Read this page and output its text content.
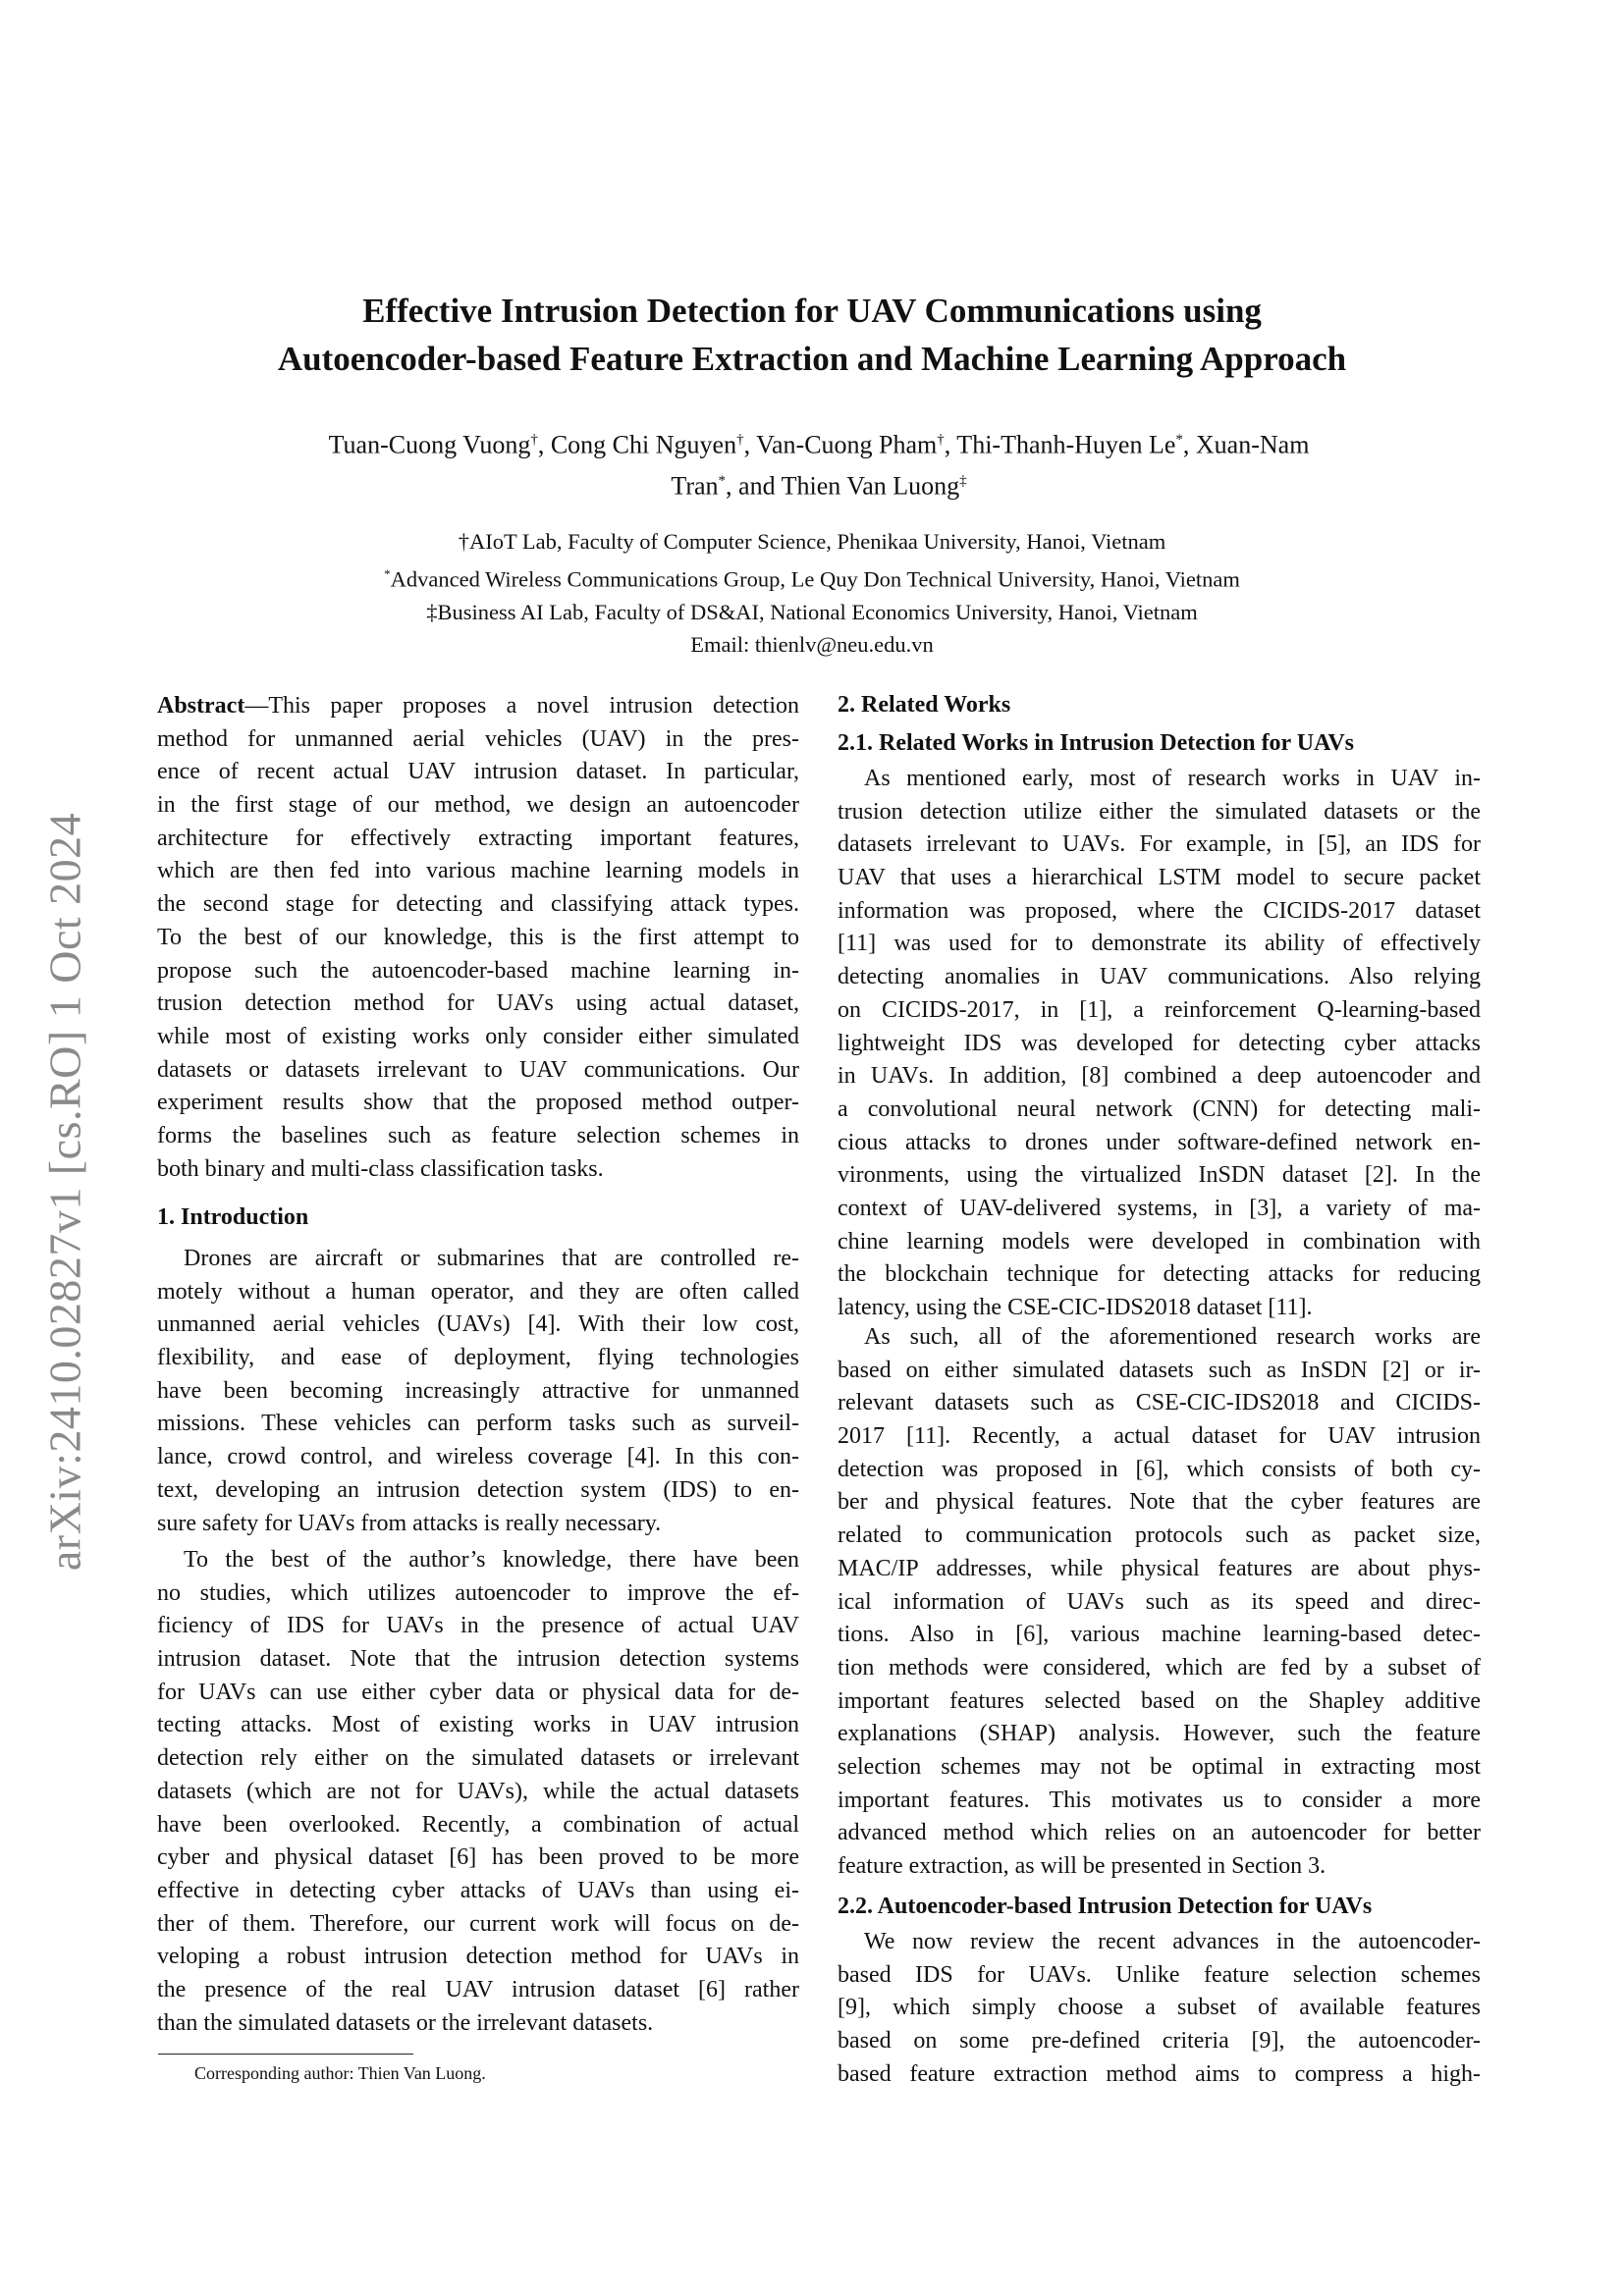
arXiv:2410.02827v1 [cs.RO] 1 Oct 2024
Effective Intrusion Detection for UAV Communications using
Autoencoder-based Feature Extraction and Machine Learning Approach
Tuan-Cuong Vuong†, Cong Chi Nguyen†, Van-Cuong Pham†, Thi-Thanh-Huyen Le*, Xuan-Nam
Tran*, and Thien Van Luong‡
†AIoT Lab, Faculty of Computer Science, Phenikaa University, Hanoi, Vietnam
*Advanced Wireless Communications Group, Le Quy Don Technical University, Hanoi, Vietnam
‡Business AI Lab, Faculty of DS&AI, National Economics University, Hanoi, Vietnam
Email: thienlv@neu.edu.vn
Abstract—This paper proposes a novel intrusion detection
method for unmanned aerial vehicles (UAV) in the pres-
ence of recent actual UAV intrusion dataset. In particular,
in the first stage of our method, we design an autoencoder
architecture for effectively extracting important features,
which are then fed into various machine learning models in
the second stage for detecting and classifying attack types.
To the best of our knowledge, this is the first attempt to
propose such the autoencoder-based machine learning in-
trusion detection method for UAVs using actual dataset,
while most of existing works only consider either simulated
datasets or datasets irrelevant to UAV communications. Our
experiment results show that the proposed method outper-
forms the baselines such as feature selection schemes in
both binary and multi-class classification tasks.
1. Introduction
Drones are aircraft or submarines that are controlled re-
motely without a human operator, and they are often called
unmanned aerial vehicles (UAVs) [4]. With their low cost,
flexibility, and ease of deployment, flying technologies
have been becoming increasingly attractive for unmanned
missions. These vehicles can perform tasks such as surveil-
lance, crowd control, and wireless coverage [4]. In this con-
text, developing an intrusion detection system (IDS) to en-
sure safety for UAVs from attacks is really necessary.
To the best of the author’s knowledge, there have been
no studies, which utilizes autoencoder to improve the ef-
ficiency of IDS for UAVs in the presence of actual UAV
intrusion dataset. Note that the intrusion detection systems
for UAVs can use either cyber data or physical data for de-
tecting attacks. Most of existing works in UAV intrusion
detection rely either on the simulated datasets or irrelevant
datasets (which are not for UAVs), while the actual datasets
have been overlooked. Recently, a combination of actual
cyber and physical dataset [6] has been proved to be more
effective in detecting cyber attacks of UAVs than using ei-
ther of them. Therefore, our current work will focus on de-
veloping a robust intrusion detection method for UAVs in
the presence of the real UAV intrusion dataset [6] rather
than the simulated datasets or the irrelevant datasets.
Corresponding author: Thien Van Luong.
2. Related Works
2.1. Related Works in Intrusion Detection for UAVs
As mentioned early, most of research works in UAV in-
trusion detection utilize either the simulated datasets or the
datasets irrelevant to UAVs. For example, in [5], an IDS for
UAV that uses a hierarchical LSTM model to secure packet
information was proposed, where the CICIDS-2017 dataset
[11] was used for to demonstrate its ability of effectively
detecting anomalies in UAV communications. Also relying
on CICIDS-2017, in [1], a reinforcement Q-learning-based
lightweight IDS was developed for detecting cyber attacks
in UAVs. In addition, [8] combined a deep autoencoder and
a convolutional neural network (CNN) for detecting mali-
cious attacks to drones under software-defined network en-
vironments, using the virtualized InSDN dataset [2]. In the
context of UAV-delivered systems, in [3], a variety of ma-
chine learning models were developed in combination with
the blockchain technique for detecting attacks for reducing
latency, using the CSE-CIC-IDS2018 dataset [11].
As such, all of the aforementioned research works are
based on either simulated datasets such as InSDN [2] or ir-
relevant datasets such as CSE-CIC-IDS2018 and CICIDS-
2017 [11]. Recently, a actual dataset for UAV intrusion
detection was proposed in [6], which consists of both cy-
ber and physical features. Note that the cyber features are
related to communication protocols such as packet size,
MAC/IP addresses, while physical features are about phys-
ical information of UAVs such as its speed and direc-
tions. Also in [6], various machine learning-based detec-
tion methods were considered, which are fed by a subset of
important features selected based on the Shapley additive
explanations (SHAP) analysis. However, such the feature
selection schemes may not be optimal in extracting most
important features. This motivates us to consider a more
advanced method which relies on an autoencoder for better
feature extraction, as will be presented in Section 3.
2.2. Autoencoder-based Intrusion Detection for UAVs
We now review the recent advances in the autoencoder-
based IDS for UAVs. Unlike feature selection schemes
[9], which simply choose a subset of available features
based on some pre-defined criteria [9], the autoencoder-
based feature extraction method aims to compress a high-
